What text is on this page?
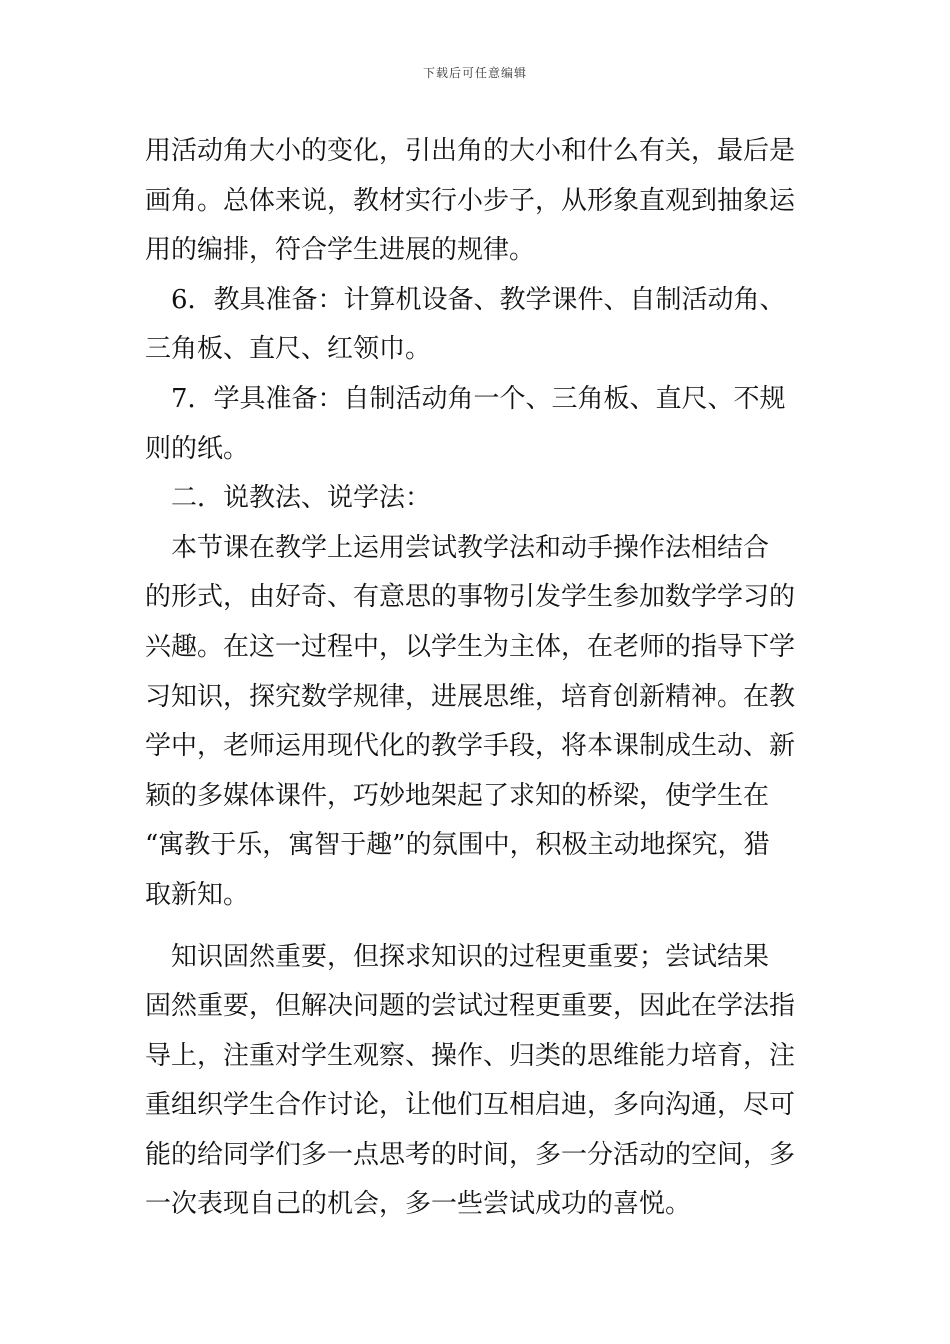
下载后可任意编辑
用活动角大小的变化，引出角的大小和什么有关，最后是
画角。总体来说，教材实行小步子，从形象直观到抽象运
用的编排，符合学生进展的规律。
　6．教具准备：计算机设备、教学课件、自制活动角、
三角板、直尺、红领巾。
　7．学具准备：自制活动角一个、三角板、直尺、不规
则的纸。
　二．说教法、说学法：
　本节课在教学上运用尝试教学法和动手操作法相结合
的形式，由好奇、有意思的事物引发学生参加数学学习的
兴趣。在这一过程中，以学生为主体，在老师的指导下学
习知识，探究数学规律，进展思维，培育创新精神。在教
学中，老师运用现代化的教学手段，将本课制成生动、新
颖的多媒体课件，巧妙地架起了求知的桥梁，使学生在
“寓教于乐，寓智于趣”的氛围中，积极主动地探究，猎
取新知。
　知识固然重要，但探求知识的过程更重要；尝试结果
固然重要，但解决问题的尝试过程更重要，因此在学法指
导上，注重对学生观察、操作、归类的思维能力培育，注
重组织学生合作讨论，让他们互相启迪，多向沟通，尽可
能的给同学们多一点思考的时间，多一分活动的空间，多
一次表现自己的机会，多一些尝试成功的喜悦。
